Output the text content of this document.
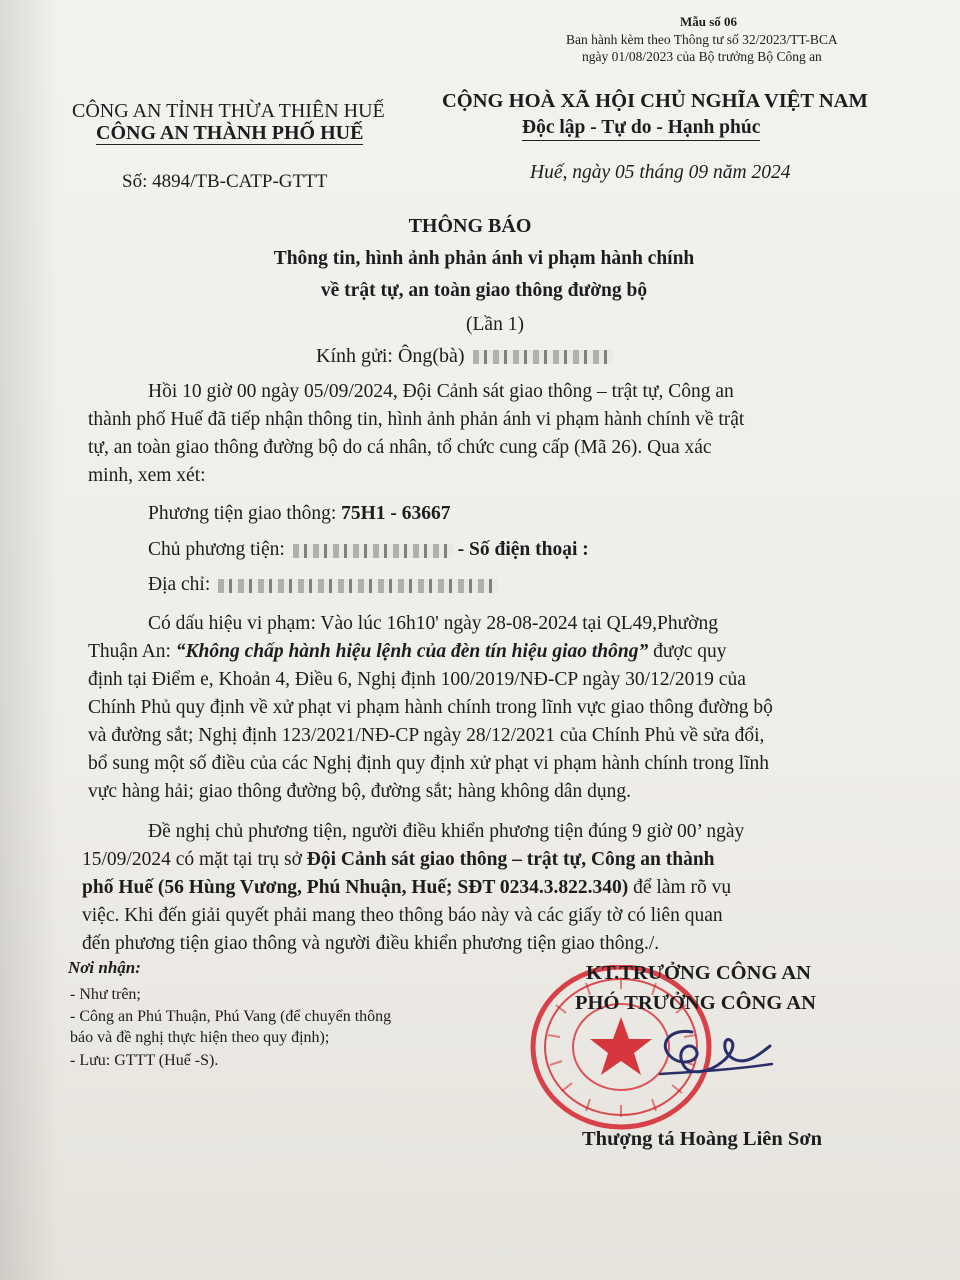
Mẫu số 06
Ban hành kèm theo Thông tư số 32/2023/TT-BCA
ngày 01/08/2023 của Bộ trưởng Bộ Công an
CÔNG AN TỈNH THỪA THIÊN HUẾ
CÔNG AN THÀNH PHỐ HUẾ
CỘNG HOÀ XÃ HỘI CHỦ NGHĨA VIỆT NAM
Độc lập - Tự do - Hạnh phúc
Số: 4894/TB-CATP-GTTT	Huế, ngày 05 tháng 09 năm 2024
THÔNG BÁO
Thông tin, hình ảnh phản ánh vi phạm hành chính
về trật tự, an toàn giao thông đường bộ
(Lần 1)
Kính gửi: Ông(bà)
Hồi 10 giờ 00 ngày 05/09/2024, Đội Cảnh sát giao thông – trật tự, Công an
thành phố Huế đã tiếp nhận thông tin, hình ảnh phản ánh vi phạm hành chính về trật
tự, an toàn giao thông đường bộ do cá nhân, tổ chức cung cấp (Mã 26). Qua xác
minh, xem xét:
Phương tiện giao thông: 75H1 - 63667
Chủ phương tiện:	- Số điện thoại :
Địa chỉ:
Có dấu hiệu vi phạm: Vào lúc 16h10' ngày 28-08-2024 tại QL49,Phường
Thuận An: “Không chấp hành hiệu lệnh của đèn tín hiệu giao thông” được quy
định tại Điểm e, Khoản 4, Điều 6, Nghị định 100/2019/NĐ-CP ngày 30/12/2019 của
Chính Phủ quy định về xử phạt vi phạm hành chính trong lĩnh vực giao thông đường bộ
và đường sắt; Nghị định 123/2021/NĐ-CP ngày 28/12/2021 của Chính Phủ về sửa đổi,
bổ sung một số điều của các Nghị định quy định xử phạt vi phạm hành chính trong lĩnh
vực hàng hải; giao thông đường bộ, đường sắt; hàng không dân dụng.
Đề nghị chủ phương tiện, người điều khiển phương tiện đúng 9 giờ 00’ ngày
15/09/2024 có mặt tại trụ sở Đội Cảnh sát giao thông – trật tự, Công an thành
phố Huế (56 Hùng Vương, Phú Nhuận, Huế; SĐT 0234.3.822.340) để làm rõ vụ
việc. Khi đến giải quyết phải mang theo thông báo này và các giấy tờ có liên quan
đến phương tiện giao thông và người điều khiển phương tiện giao thông./.
Nơi nhận:
- Như trên;
- Công an Phú Thuận, Phú Vang (để chuyển thông
báo và đề nghị thực hiện theo quy định);
- Lưu: GTTT (Huế -S).
KT.TRƯỞNG CÔNG AN
PHÓ TRƯỞNG CÔNG AN
Thượng tá Hoàng Liên Sơn
